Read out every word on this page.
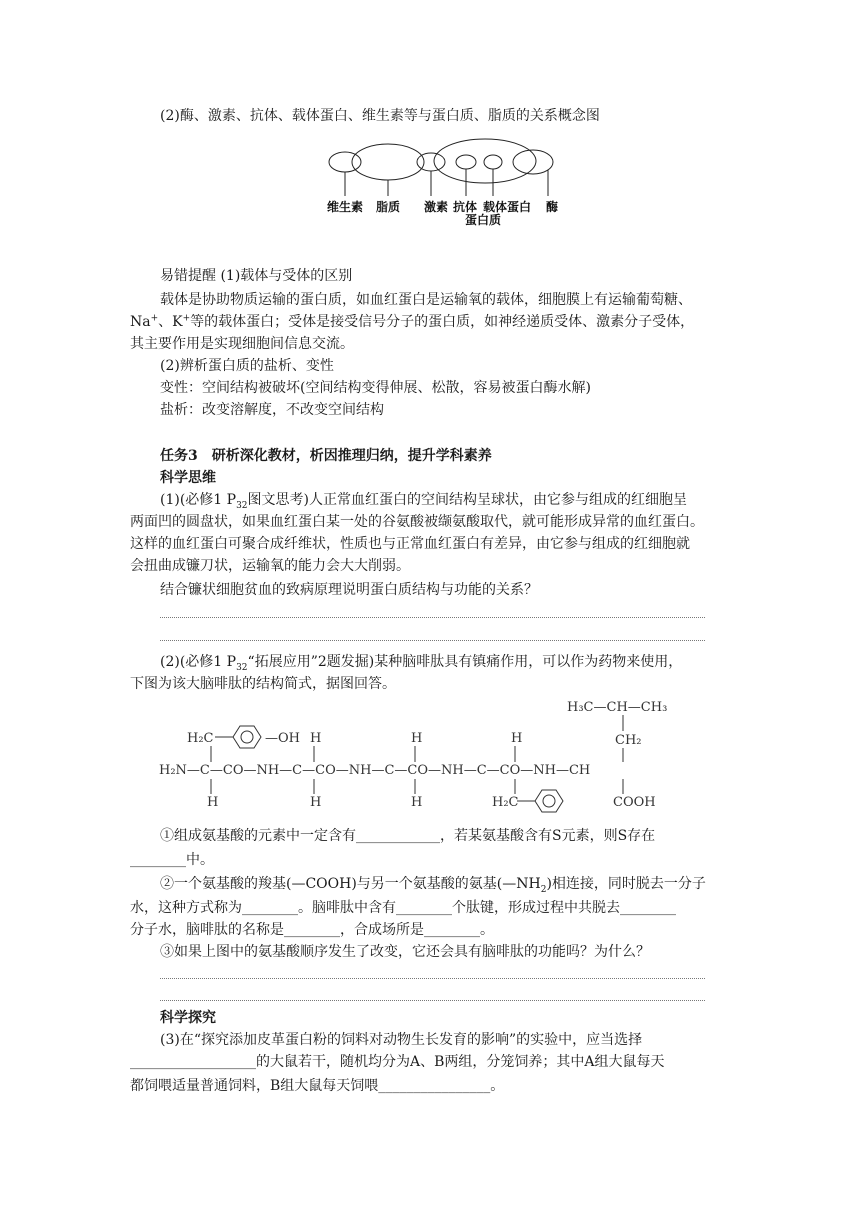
(2)酶、激素、抗体、载体蛋白、维生素等与蛋白质、脂质的关系概念图
维生素 脂质 激素 抗体 载体蛋白 酶
蛋白质
易错提醒 (1)载体与受体的区别
载体是协助物质运输的蛋白质，如血红蛋白是运输氧的载体，细胞膜上有运输葡萄糖、
Na+、K+等的载体蛋白；受体是接受信号分子的蛋白质，如神经递质受体、激素分子受体，
其主要作用是实现细胞间信息交流。
(2)辨析蛋白质的盐析、变性
变性：空间结构被破坏(空间结构变得伸展、松散，容易被蛋白酶水解)
盐析：改变溶解度，不改变空间结构
任务3　研析深化教材，析因推理归纳，提升学科素养
科学思维
(1)(必修1 $P_{32}$图文思考)人正常血红蛋白的空间结构呈球状，由它参与组成的红细胞呈
两面凹的圆盘状，如果血红蛋白某一处的谷氨酸被缬氨酸取代，就可能形成异常的血红蛋白。
这样的血红蛋白可聚合成纤维状，性质也与正常血红蛋白有差异，由它参与组成的红细胞就
会扭曲成镰刀状，运输氧的能力会大大削弱。
结合镰状细胞贫血的致病原理说明蛋白质结构与功能的关系？
(2)(必修1 $P_{32}“$拓展应用”2题发掘)某种脑啡肽具有镇痛作用，可以作为药物来使用，
下图为该大脑啡肽的结构简式，据图回答。
H₃C—CH—CH₃
CH₂
H₂C	—OH H	H	H
H₂N—C—CO—NH—C—CO—NH—C—CO—NH—C—CO—NH—CH
H	H	H	H₂C	COOH
①组成氨基酸的元素中一定含有____________，若某氨基酸含有S元素，则S存在
________中。
②一个氨基酸的羧基(—COOH)与另一个氨基酸的氨基$(—NH_2)$相连接，同时脱去一分子
水，这种方式称为________。脑啡肽中含有________个肽键，形成过程中共脱去________
分子水，脑啡肽的名称是________，合成场所是________。
③如果上图中的氨基酸顺序发生了改变，它还会具有脑啡肽的功能吗？为什么？
科学探究
(3)在“探究添加皮革蛋白粉的饲料对动物生长发育的影响”的实验中，应当选择
__________________的大鼠若干，随机均分为A、B两组，分笼饲养；其中A组大鼠每天
都饲喂适量普通饲料，B组大鼠每天饲喂________________。
